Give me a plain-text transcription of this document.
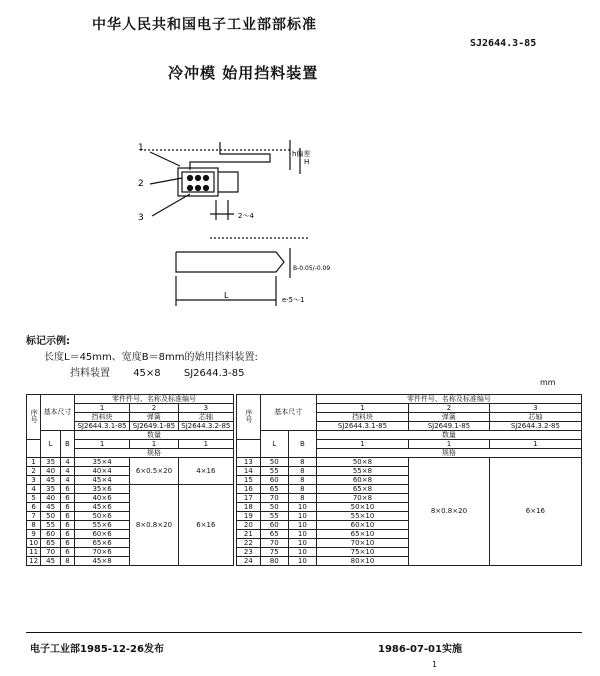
中华人民共和国电子工业部部标准
SJ2644.3-85
冷冲模 始用挡料装置
1
2
3	2～4
h偏差
H
B-0.05/-0.09
L	e·5～1
标记示例:
长度L＝45mm、宽度B＝8mm的始用挡料装置:
挡料装置 45×8 SJ2644.3-85
mm
序号	基本尺寸		零件件号、名称及标准编号		
			1	2	3
			挡料块	弹簧	芯轴
			SJ2644.3.1-85	SJ2649.1-85	SJ2644.3.2-85
	L	B	数量		
			1	1	1
			规格		
1	35	4	35×4	6×0.5×20	4×16
2	40	4	40×4		
3	45	4	45×4		
4	35	6	35×6	8×0.8×20	6×16
5	40	6	40×6		
6	45	6	45×6		
7	50	6	50×6		
8	55	6	55×6		
9	60	6	60×6		
10	65	6	65×6		
11	70	6	70×6		
12	45	8	45×8		
序号	基本尺寸		零件件号、名称及标准编号		
			1	2	3
			挡料块	弹簧	芯轴
			SJ2644.3.1-85	SJ2649.1-85	SJ2644.3.2-85
	L	B	数量		
			1	1	1
			规格		
13	50	8	50×8	8×0.8×20	6×16
14	55	8	55×8		
15	60	8	60×8		
16	65	8	65×8		
17	70	8	70×8		
18	50	10	50×10		
19	55	10	55×10		
20	60	10	60×10		
21	65	10	65×10		
22	70	10	70×10		
23	75	10	75×10		
24	80	10	80×10		
电子工业部1985-12-26发布	1986-07-01实施
1
